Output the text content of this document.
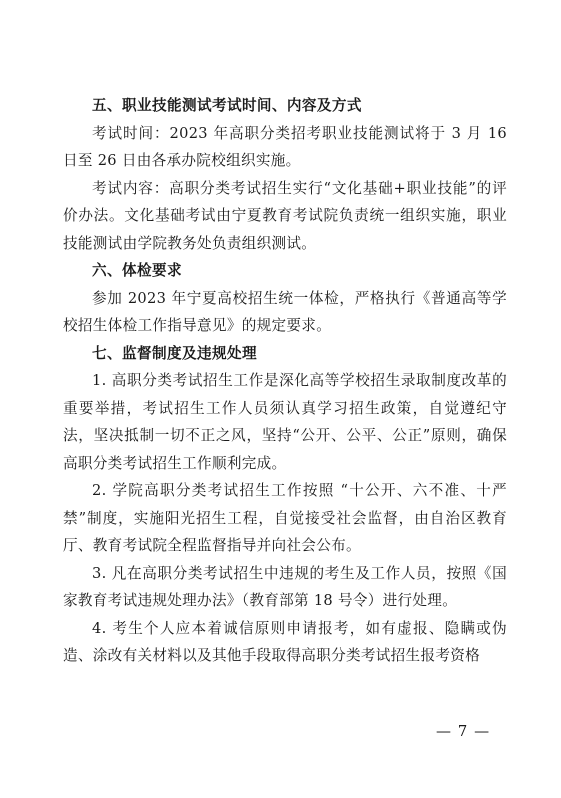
五、职业技能测试考试时间、内容及方式

考试时间：2023 年高职分类招考职业技能测试将于 3 月 16 日至 26 日由各承办院校组织实施。

考试内容：高职分类考试招生实行“文化基础+职业技能”的评价办法。文化基础考试由宁夏教育考试院负责统一组织实施，职业技能测试由学院教务处负责组织测试。

六、体检要求

参加 2023 年宁夏高校招生统一体检，严格执行《普通高等学校招生体检工作指导意见》的规定要求。

七、监督制度及违规处理

1. 高职分类考试招生工作是深化高等学校招生录取制度改革的重要举措，考试招生工作人员须认真学习招生政策，自觉遵纪守法，坚决抵制一切不正之风，坚持“公开、公平、公正”原则，确保高职分类考试招生工作顺利完成。

2. 学院高职分类考试招生工作按照 “十公开、六不准、十严禁”制度，实施阳光招生工程，自觉接受社会监督，由自治区教育厅、教育考试院全程监督指导并向社会公布。

3. 凡在高职分类考试招生中违规的考生及工作人员，按照《国家教育考试违规处理办法》（教育部第 18 号令）进行处理。

4. 考生个人应本着诚信原则申请报考，如有虚报、隐瞒或伪造、涂改有关材料以及其他手段取得高职分类考试招生报考资格

— 7 —
